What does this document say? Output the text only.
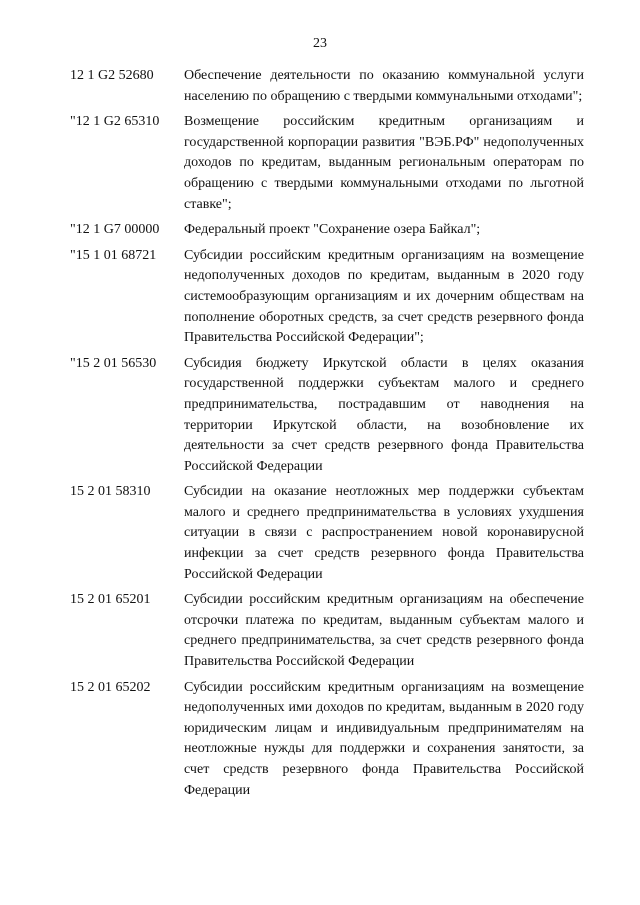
23
12 1 G2 52680	Обеспечение деятельности по оказанию коммунальной услуги населению по обращению с твердыми коммунальными отходами";
"12 1 G2 65310	Возмещение российским кредитным организациям и государственной корпорации развития "ВЭБ.РФ" недополученных доходов по кредитам, выданным региональным операторам по обращению с твердыми коммунальными отходами по льготной ставке";
"12 1 G7 00000	Федеральный проект "Сохранение озера Байкал";
"15 1 01 68721	Субсидии российским кредитным организациям на возмещение недополученных доходов по кредитам, выданным в 2020 году системообразующим организациям и их дочерним обществам на пополнение оборотных средств, за счет средств резервного фонда Правительства Российской Федерации";
"15 2 01 56530	Субсидия бюджету Иркутской области в целях оказания государственной поддержки субъектам малого и среднего предпринимательства, пострадавшим от наводнения на территории Иркутской области, на возобновление их деятельности за счет средств резервного фонда Правительства Российской Федерации
15 2 01 58310	Субсидии на оказание неотложных мер поддержки субъектам малого и среднего предпринимательства в условиях ухудшения ситуации в связи с распространением новой коронавирусной инфекции за счет средств резервного фонда Правительства Российской Федерации
15 2 01 65201	Субсидии российским кредитным организациям на обеспечение отсрочки платежа по кредитам, выданным субъектам малого и среднего предпринимательства, за счет средств резервного фонда Правительства Российской Федерации
15 2 01 65202	Субсидии российским кредитным организациям на возмещение недополученных ими доходов по кредитам, выданным в 2020 году юридическим лицам и индивидуальным предпринимателям на неотложные нужды для поддержки и сохранения занятости, за счет средств резервного фонда Правительства Российской Федерации
